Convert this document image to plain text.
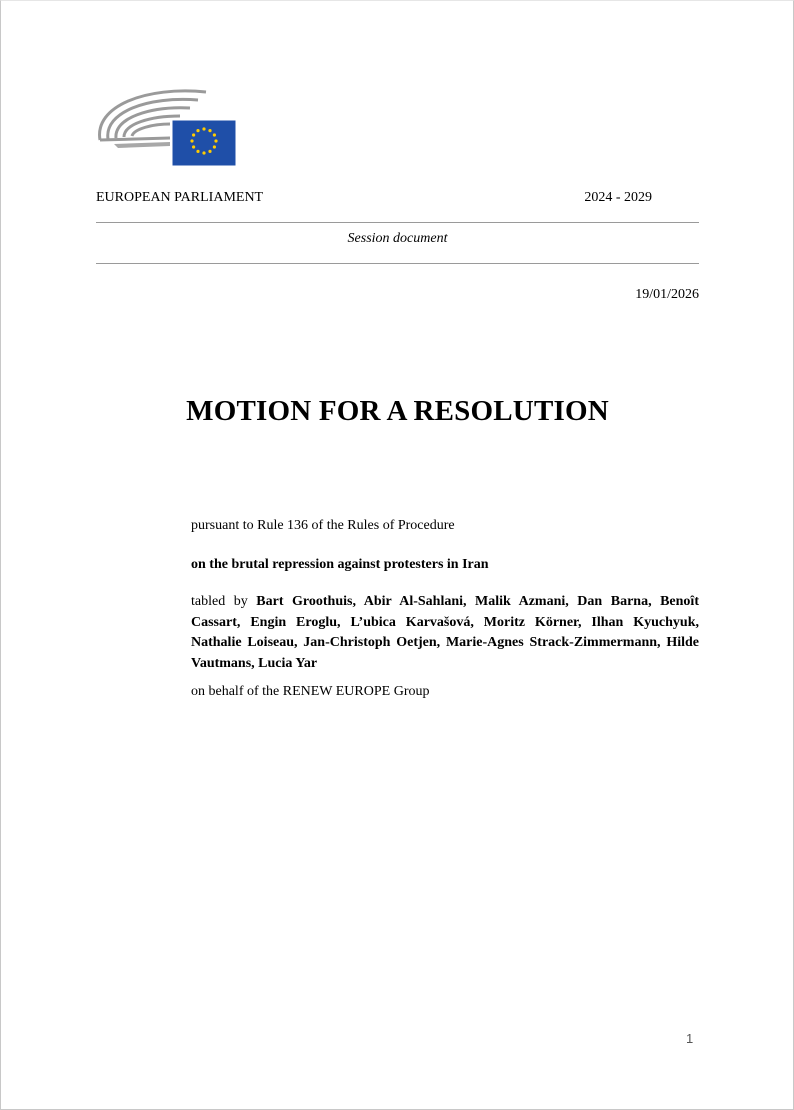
EUROPEAN PARLIAMENT	2024 - 2029
Session document
19/01/2026
MOTION FOR A RESOLUTION
pursuant to Rule 136 of the Rules of Procedure
on the brutal repression against protesters in Iran
tabled by Bart Groothuis, Abir Al-Sahlani, Malik Azmani, Dan Barna, Benoît Cassart, Engin Eroglu, L’ubica Karvašová, Moritz Körner, Ilhan Kyuchyuk, Nathalie Loiseau, Jan-Christoph Oetjen, Marie-Agnes Strack-Zimmermann, Hilde Vautmans, Lucia Yar
on behalf of the RENEW EUROPE Group
1
